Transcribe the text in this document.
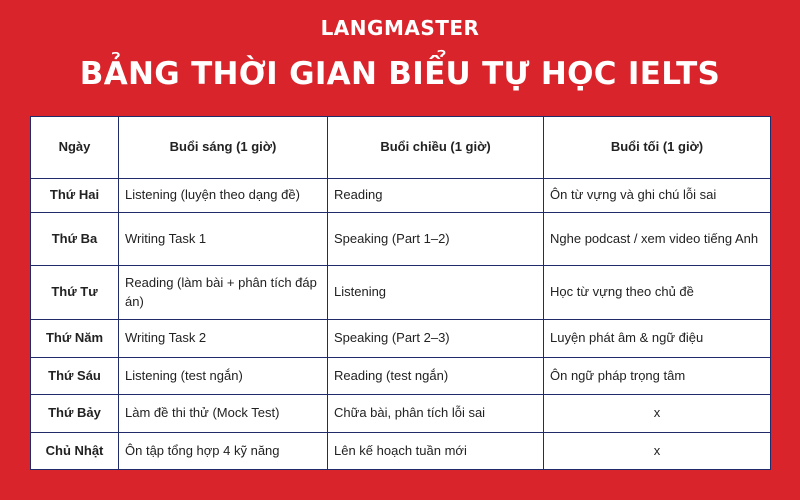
LANGMASTER
BẢNG THỜI GIAN BIỂU TỰ HỌC IELTS
Ngày	Buổi sáng (1 giờ)	Buổi chiều (1 giờ)	Buổi tối (1 giờ)
Thứ Hai	Listening (luyện theo dạng đề)	Reading	Ôn từ vựng và ghi chú lỗi sai
Thứ Ba	Writing Task 1	Speaking (Part 1–2)	Nghe podcast / xem video tiếng Anh
Thứ Tư	Reading (làm bài + phân tích đáp án)	Listening	Học từ vựng theo chủ đề
Thứ Năm	Writing Task 2	Speaking (Part 2–3)	Luyện phát âm & ngữ điệu
Thứ Sáu	Listening (test ngắn)	Reading (test ngắn)	Ôn ngữ pháp trọng tâm
Thứ Bảy	Làm đề thi thử (Mock Test)	Chữa bài, phân tích lỗi sai	x
Chủ Nhật	Ôn tập tổng hợp 4 kỹ năng	Lên kế hoạch tuần mới	x
